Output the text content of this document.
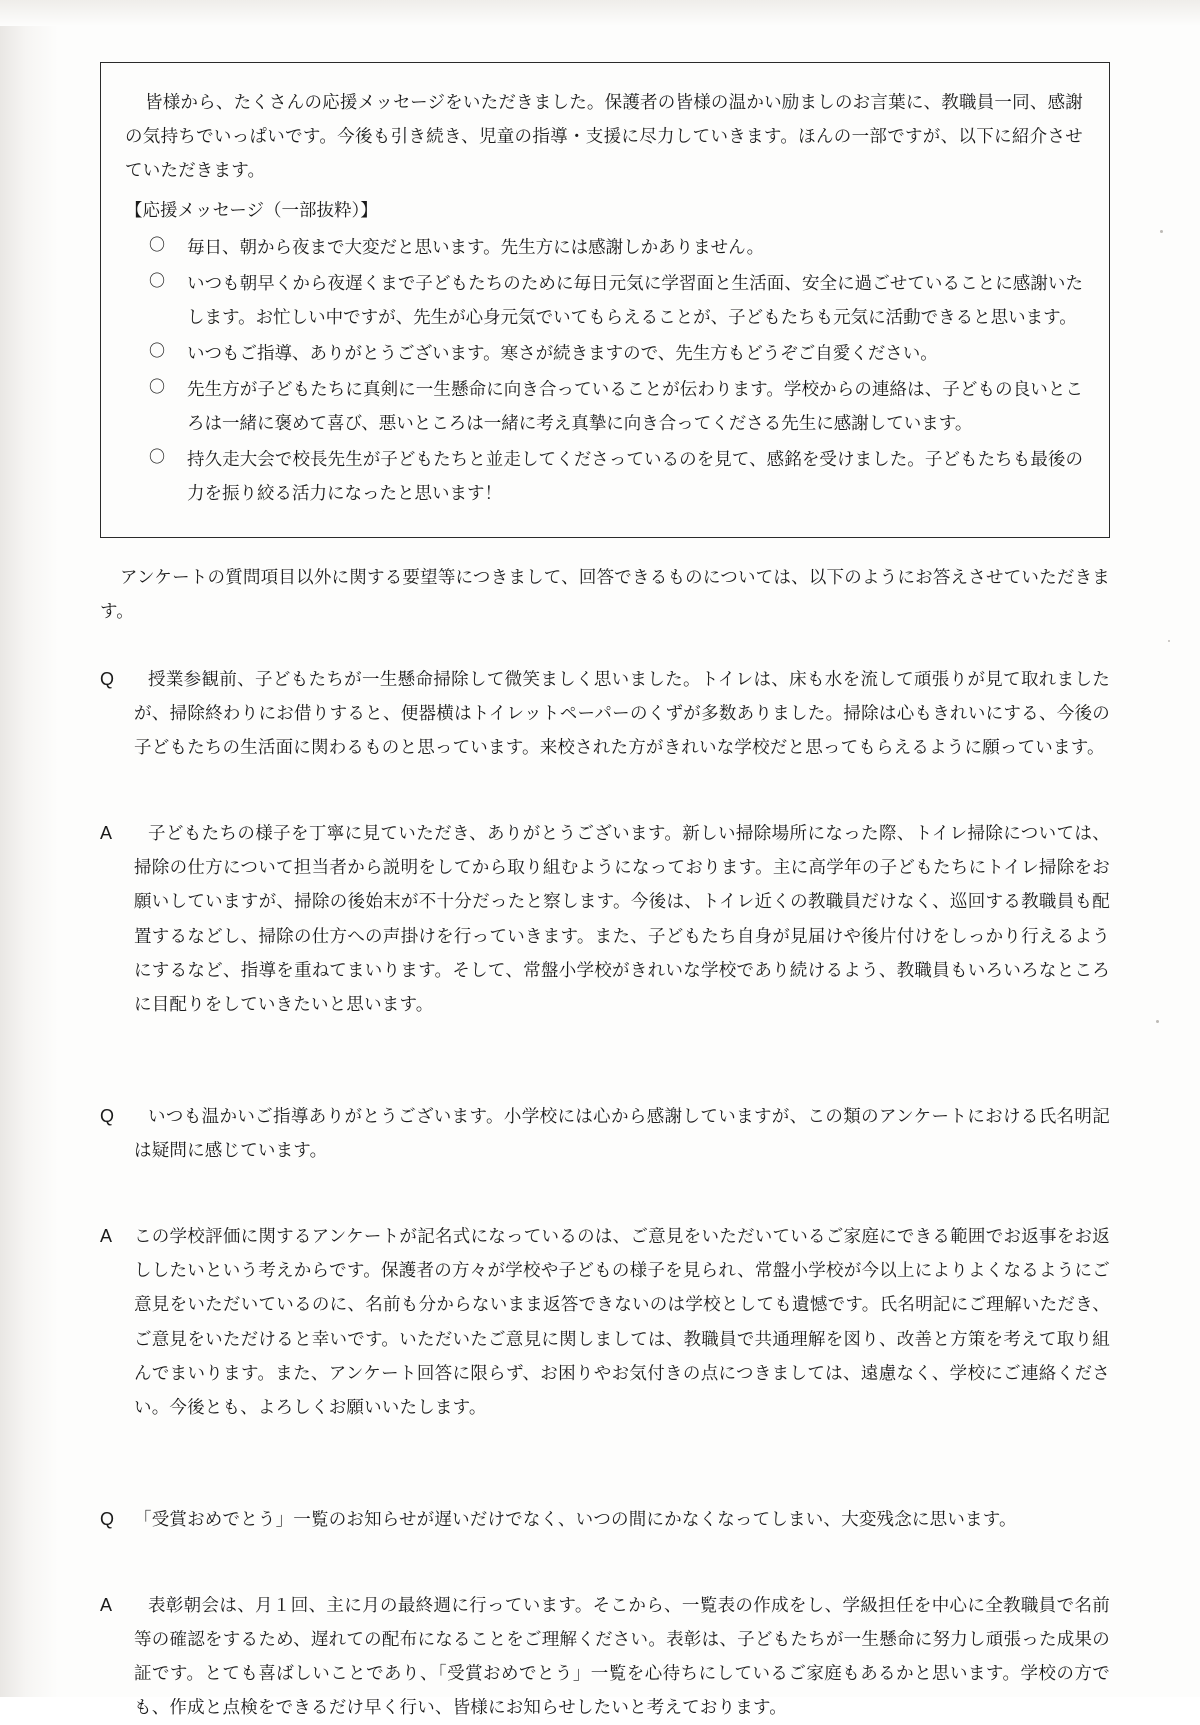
皆様から、たくさんの応援メッセージをいただきました。保護者の皆様の温かい励ましのお言葉に、教職員一同、感謝の気持ちでいっぱいです。今後も引き続き、児童の指導・支援に尽力していきます。ほんの一部ですが、以下に紹介させていただきます。

【応援メッセージ（一部抜粋）】

〇 毎日、朝から夜まで大変だと思います。先生方には感謝しかありません。
〇 いつも朝早くから夜遅くまで子どもたちのために毎日元気に学習面と生活面、安全に過ごせていることに感謝いたします。お忙しい中ですが、先生が心身元気でいてもらえることが、子どもたちも元気に活動できると思います。
〇 いつもご指導、ありがとうございます。寒さが続きますので、先生方もどうぞご自愛ください。
〇 先生方が子どもたちに真剣に一生懸命に向き合っていることが伝わります。学校からの連絡は、子どもの良いところは一緒に褒めて喜び、悪いところは一緒に考え真摯に向き合ってくださる先生に感謝しています。
〇 持久走大会で校長先生が子どもたちと並走してくださっているのを見て、感銘を受けました。子どもたちも最後の力を振り絞る活力になったと思います！

アンケートの質問項目以外に関する要望等につきまして、回答できるものについては、以下のようにお答えさせていただきます。

Q	授業参観前、子どもたちが一生懸命掃除して微笑ましく思いました。トイレは、床も水を流して頑張りが見て取れましたが、掃除終わりにお借りすると、便器横はトイレットペーパーのくずが多数ありました。掃除は心もきれいにする、今後の子どもたちの生活面に関わるものと思っています。来校された方がきれいな学校だと思ってもらえるように願っています。
A	子どもたちの様子を丁寧に見ていただき、ありがとうございます。新しい掃除場所になった際、トイレ掃除については、掃除の仕方について担当者から説明をしてから取り組むようになっております。主に高学年の子どもたちにトイレ掃除をお願いしていますが、掃除の後始末が不十分だったと察します。今後は、トイレ近くの教職員だけなく、巡回する教職員も配置するなどし、掃除の仕方への声掛けを行っていきます。また、子どもたち自身が見届けや後片付けをしっかり行えるようにするなど、指導を重ねてまいります。そして、常盤小学校がきれいな学校であり続けるよう、教職員もいろいろなところに目配りをしていきたいと思います。
Q	いつも温かいご指導ありがとうございます。小学校には心から感謝していますが、この類のアンケートにおける氏名明記は疑問に感じています。
A	この学校評価に関するアンケートが記名式になっているのは、ご意見をいただいているご家庭にできる範囲でお返事をお返ししたいという考えからです。保護者の方々が学校や子どもの様子を見られ、常盤小学校が今以上によりよくなるようにご意見をいただいているのに、名前も分からないまま返答できないのは学校としても遺憾です。氏名明記にご理解いただき、ご意見をいただけると幸いです。いただいたご意見に関しましては、教職員で共通理解を図り、改善と方策を考えて取り組んでまいります。また、アンケート回答に限らず、お困りやお気付きの点につきましては、遠慮なく、学校にご連絡ください。今後とも、よろしくお願いいたします。
Q	「受賞おめでとう」一覧のお知らせが遅いだけでなく、いつの間にかなくなってしまい、大変残念に思います。
A	表彰朝会は、月１回、主に月の最終週に行っています。そこから、一覧表の作成をし、学級担任を中心に全教職員で名前等の確認をするため、遅れての配布になることをご理解ください。表彰は、子どもたちが一生懸命に努力し頑張った成果の証です。とても喜ばしいことであり、「受賞おめでとう」一覧を心待ちにしているご家庭もあるかと思います。学校の方でも、作成と点検をできるだけ早く行い、皆様にお知らせしたいと考えております。
